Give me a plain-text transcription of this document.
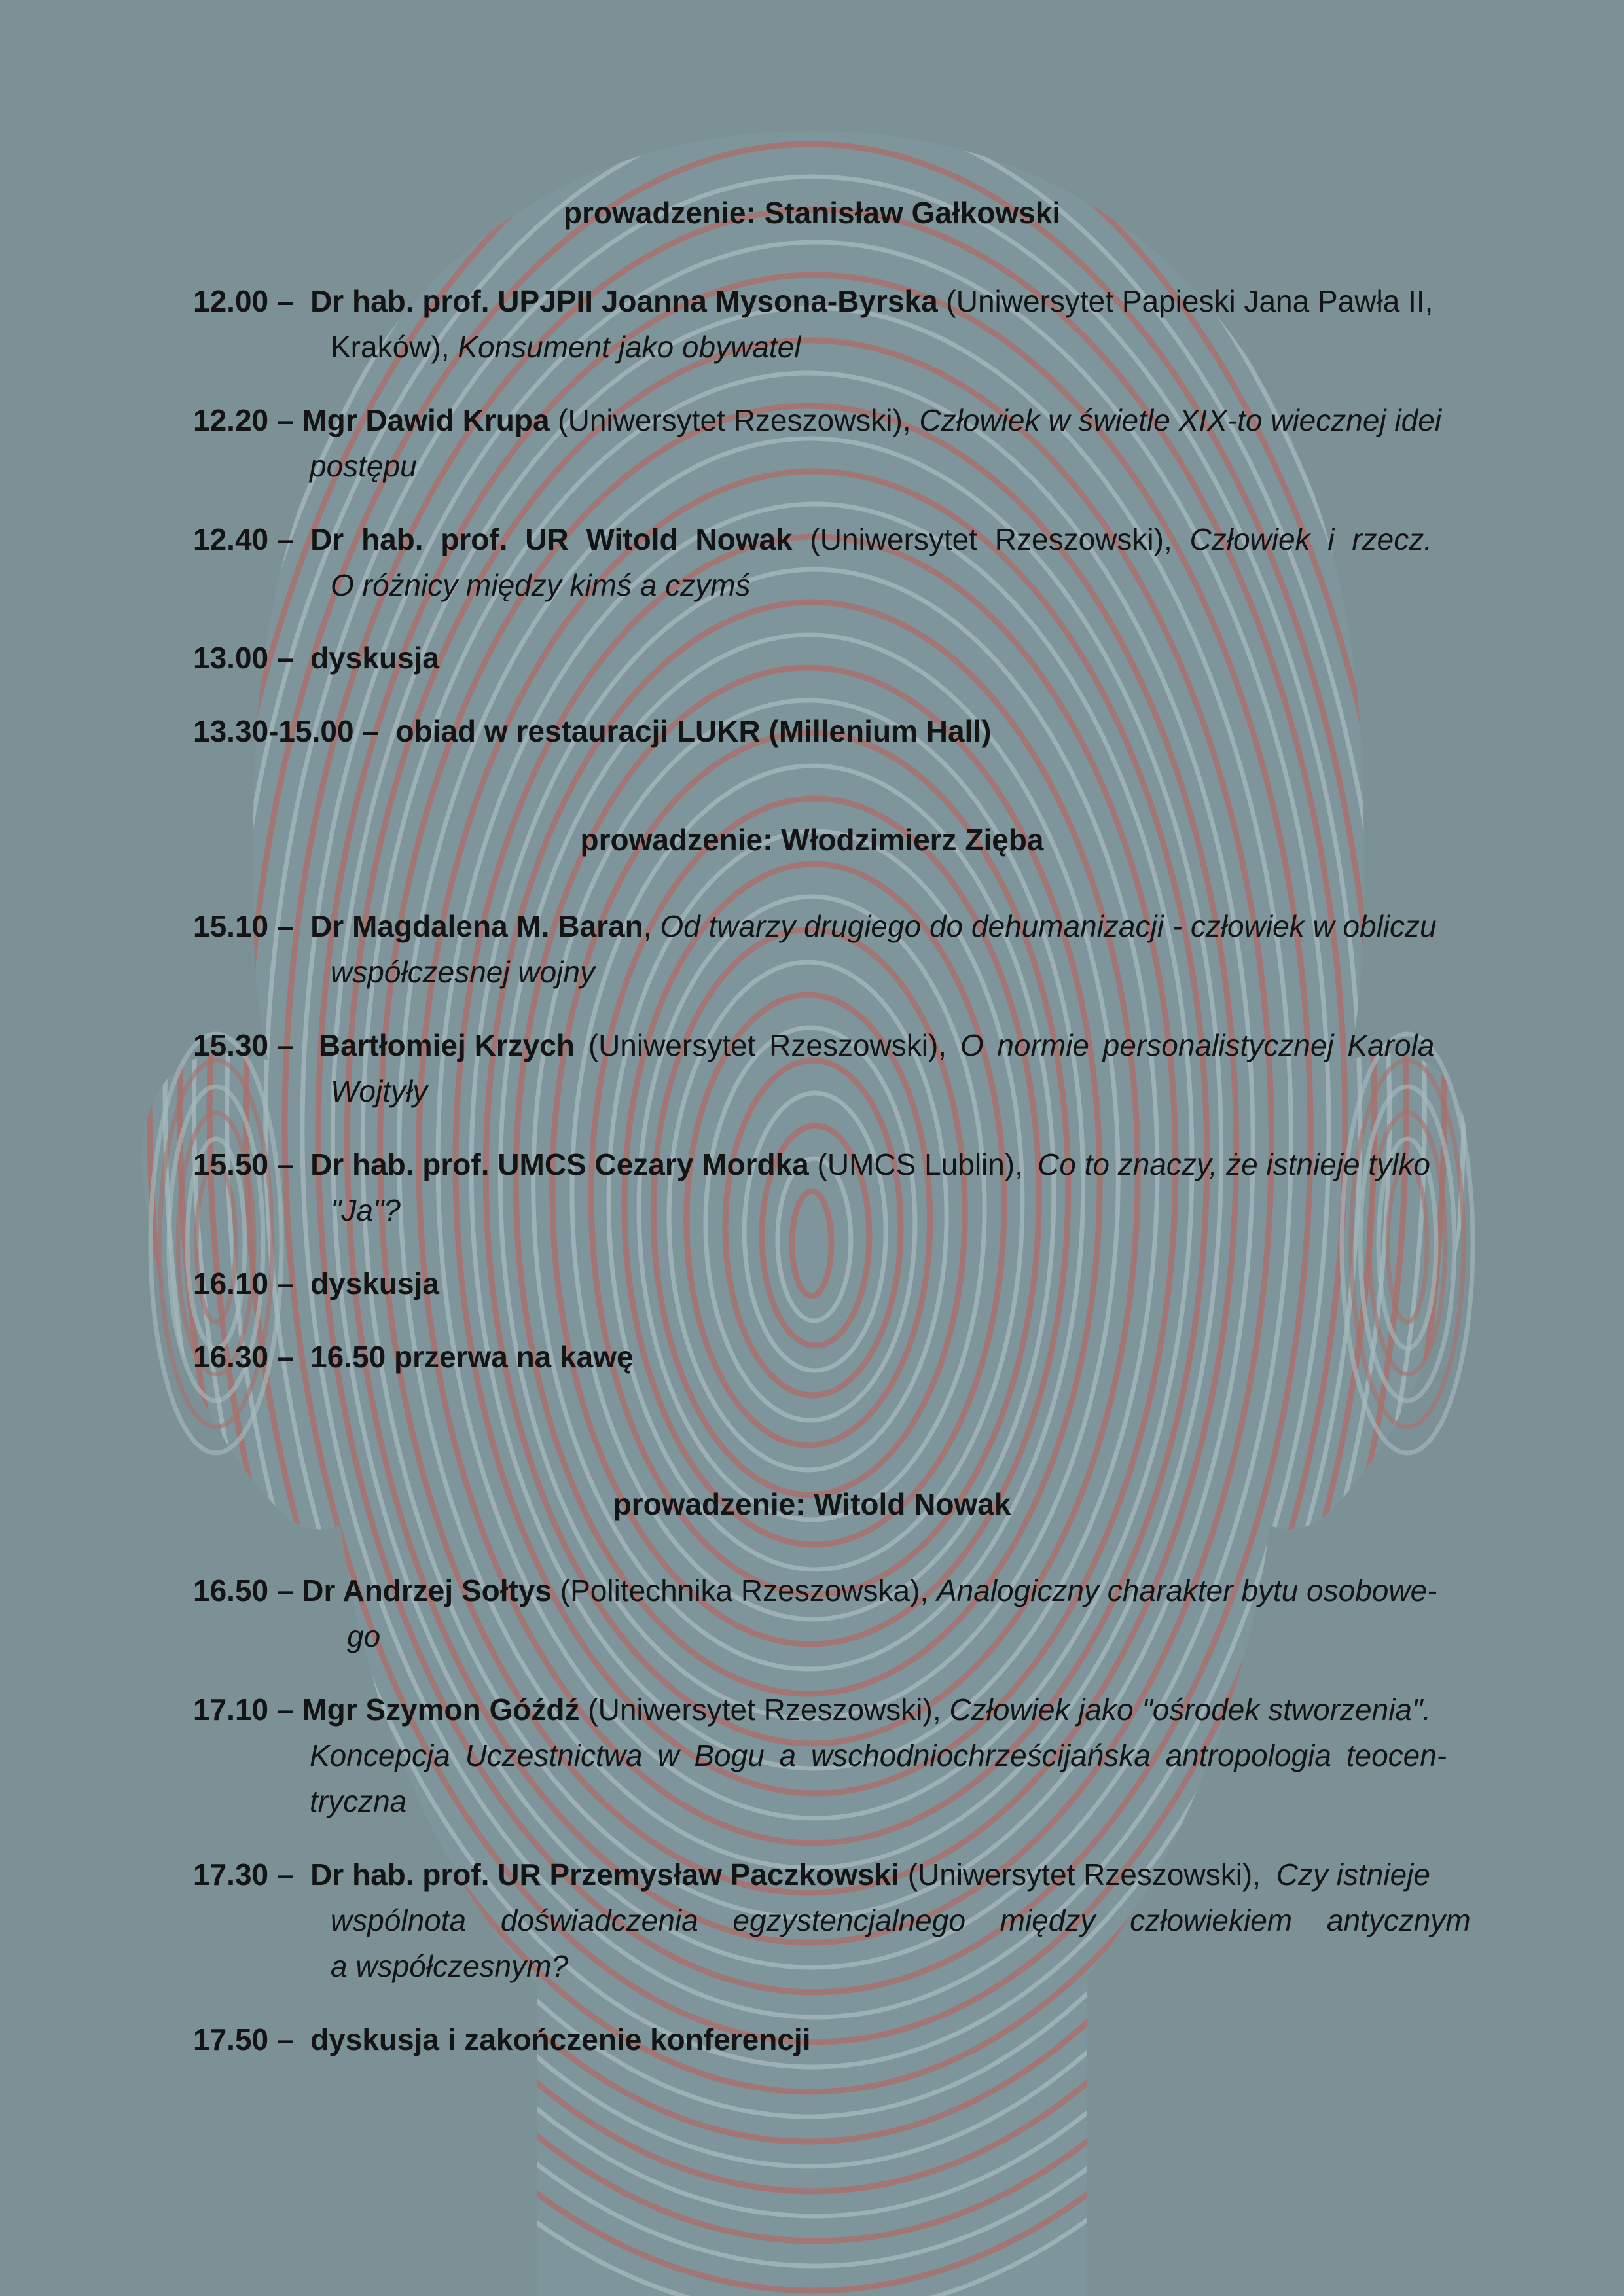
prowadzenie: Stanisław Gałkowski
12.00 –  Dr hab. prof. UPJPII Joanna Mysona-Byrska (Uniwersytet Papieski Jana Pawła II,
Kraków), Konsument jako obywatel
12.20 – Mgr Dawid Krupa (Uniwersytet Rzeszowski), Człowiek w świetle XIX-to wiecznej idei
postępu
12.40 –  Dr hab. prof. UR Witold Nowak (Uniwersytet Rzeszowski), Człowiek i rzecz.
O różnicy między kimś a czymś
13.00 –  dyskusja
13.30-15.00 –  obiad w restauracji LUKR (Millenium Hall)
prowadzenie: Włodzimierz Zięba
15.10 –  Dr Magdalena M. Baran, Od twarzy drugiego do dehumanizacji - człowiek w obliczu
współczesnej wojny
15.30 –   Bartłomiej Krzych (Uniwersytet Rzeszowski), O normie personalistycznej Karola
Wojtyły
15.50 –  Dr hab. prof. UMCS Cezary Mordka (UMCS Lublin), Co to znaczy, że istnieje tylko
"Ja"?
16.10 –  dyskusja
16.30 –  16.50 przerwa na kawę
prowadzenie: Witold Nowak
16.50 – Dr Andrzej Sołtys (Politechnika Rzeszowska), Analogiczny charakter bytu osobowe-
go
17.10 – Mgr Szymon Góźdź (Uniwersytet Rzeszowski), Człowiek jako "ośrodek stworzenia".
Koncepcja Uczestnictwa w Bogu a wschodniochrześcijańska antropologia teocen-
tryczna
17.30 –  Dr hab. prof. UR Przemysław Paczkowski (Uniwersytet Rzeszowski), Czy istnieje
wspólnota doświadczenia egzystencjalnego między człowiekiem antycznym
a współczesnym?
17.50 –  dyskusja i zakończenie konferencji
